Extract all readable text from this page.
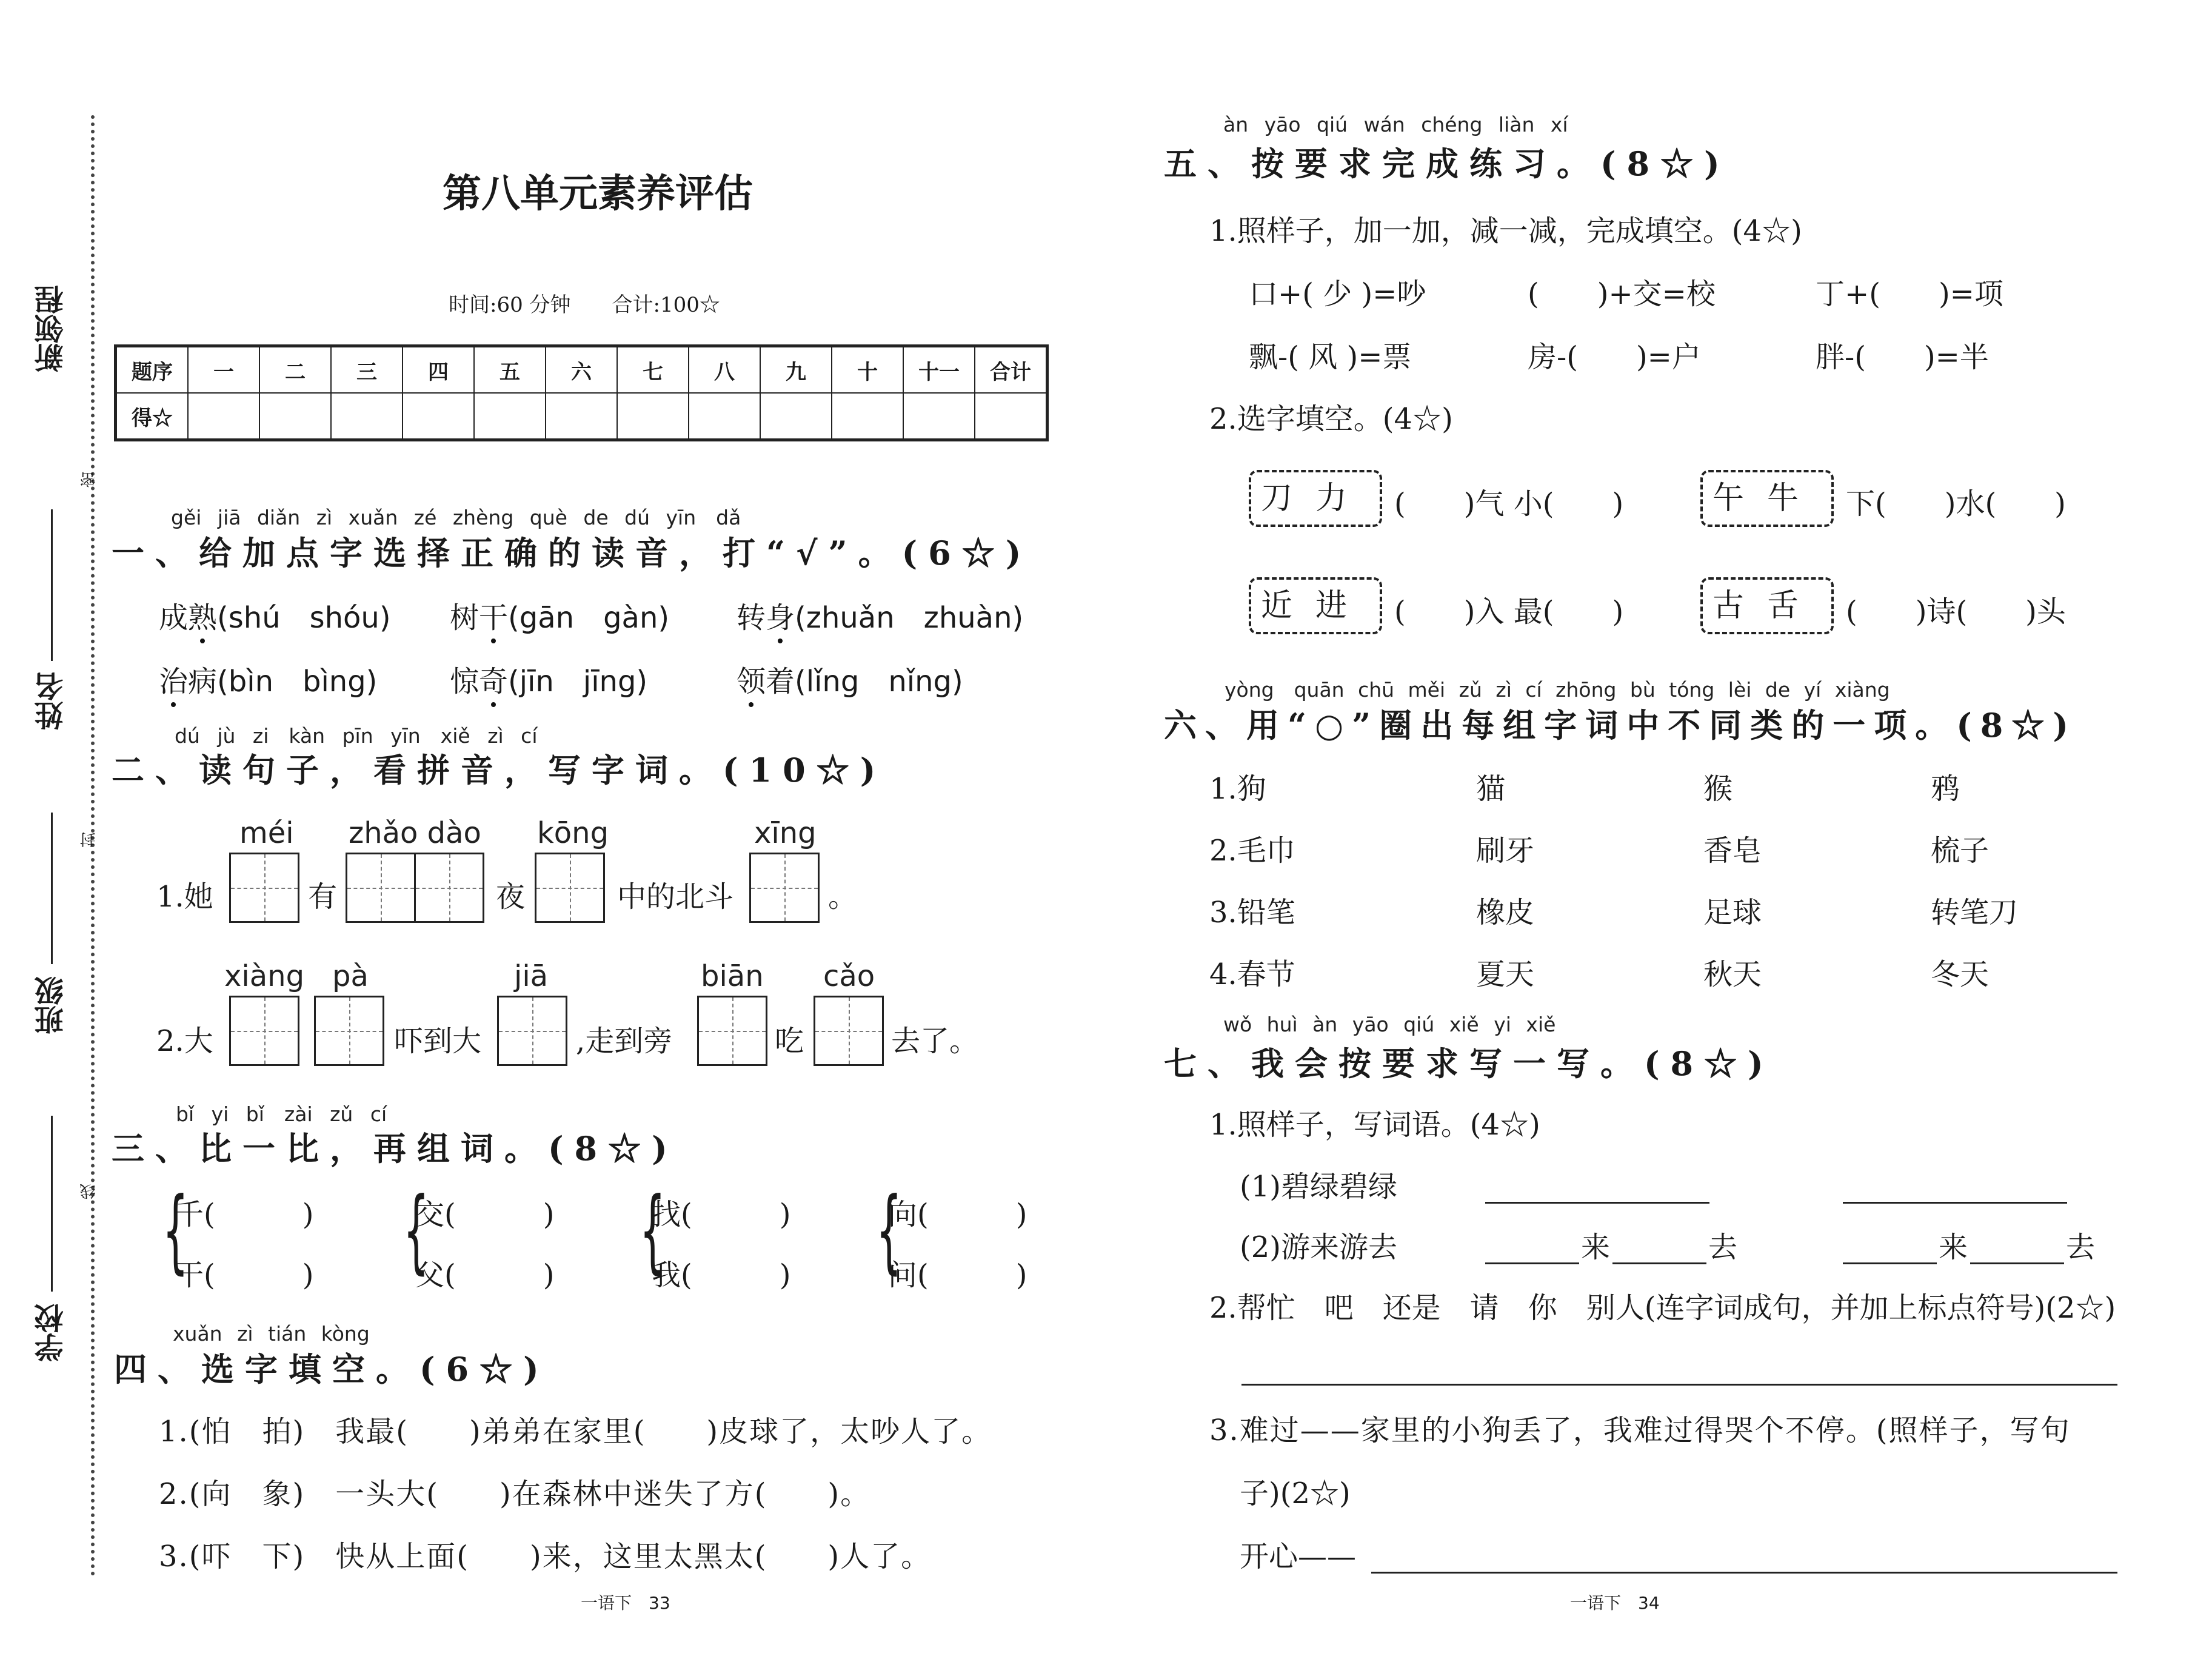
新领程
密
封
线
姓名
班级
学校
第八单元素养评估
时间:60 分钟　　合计:100☆
题序	一	二	三	四	五	六	七	八	九	十	十一	合计
得☆												
gěi jiā diǎn zì xuǎn zé zhèng què de dú yīn　dǎ
一、给加点字选择正确的读音，打“√”。(6☆)
成熟(shú　shóu) 树干(gān　gàn) 转身(zhuǎn　zhuàn)
治病(bìn　bìng) 惊奇(jīn　jīng)	领着(lǐng　nǐng)
dú jù zi　kàn pīn yīn　xiě zì cí
二、读句子，看拼音，写字词。(10☆)
1.她
méi
有
zhǎo dào
夜
kōng
中的北斗
xīng
。
2.大
xiàng pà
吓到大
jiā
,走到旁
biān
吃
cǎo
去了。
bǐ yi bǐ　zài zǔ cí
三、比一比，再组词。(8☆)
{
千(　　　)
干(　　　) {
交(　　　)
父(　　　) {
找(　　　)
我(　　　) {
向(　　　)
问(　　　)
xuǎn zì tián kòng
四、选字填空。(6☆)
1.(怕　拍)　我最(　　)弟弟在家里(　　)皮球了，太吵人了。
2.(向　象)　一头大(　　)在森林中迷失了方(　　)。
3.(吓　下)　快从上面(　　)来，这里太黑太(　　)人了。
一语下　33
àn yāo qiú wán chéng liàn xí
五、按要求完成练习。(8☆)
1.照样子，加一加，减一减，完成填空。(4☆)
口+( 少 )=吵	(　　)+交=校	丁+(　　)=项
飘-( 风 )=票	房-(　　)=户	胖-(　　)=半
2.选字填空。(4☆)
刀力 (　　)气 小(　　)	午牛 下(　　)水(　　)
近进 (　　)入 最(　　)	古舌 (　　)诗(　　)头
yòng　quān chū měi zǔ zì cí zhōng bù tóng lèi de yí xiàng
六、用“○”圈出每组字词中不同类的一项。(8☆)
1.狗	猫	猴	鸦
2.毛巾	刷牙	香皂	梳子
3.铅笔	橡皮	足球	转笔刀
4.春节	夏天	秋天	冬天
wǒ huì àn yāo qiú xiě yi xiě
七、我会按要求写一写。(8☆)
1.照样子，写词语。(4☆)
(1)碧绿碧绿
(2)游来游去	来	去	来	去
2.帮忙　吧　还是　请　你　别人(连字词成句，并加上标点符号)(2☆)
3.难过——家里的小狗丢了，我难过得哭个不停。(照样子，写句
子)(2☆)
开心——
一语下　34
